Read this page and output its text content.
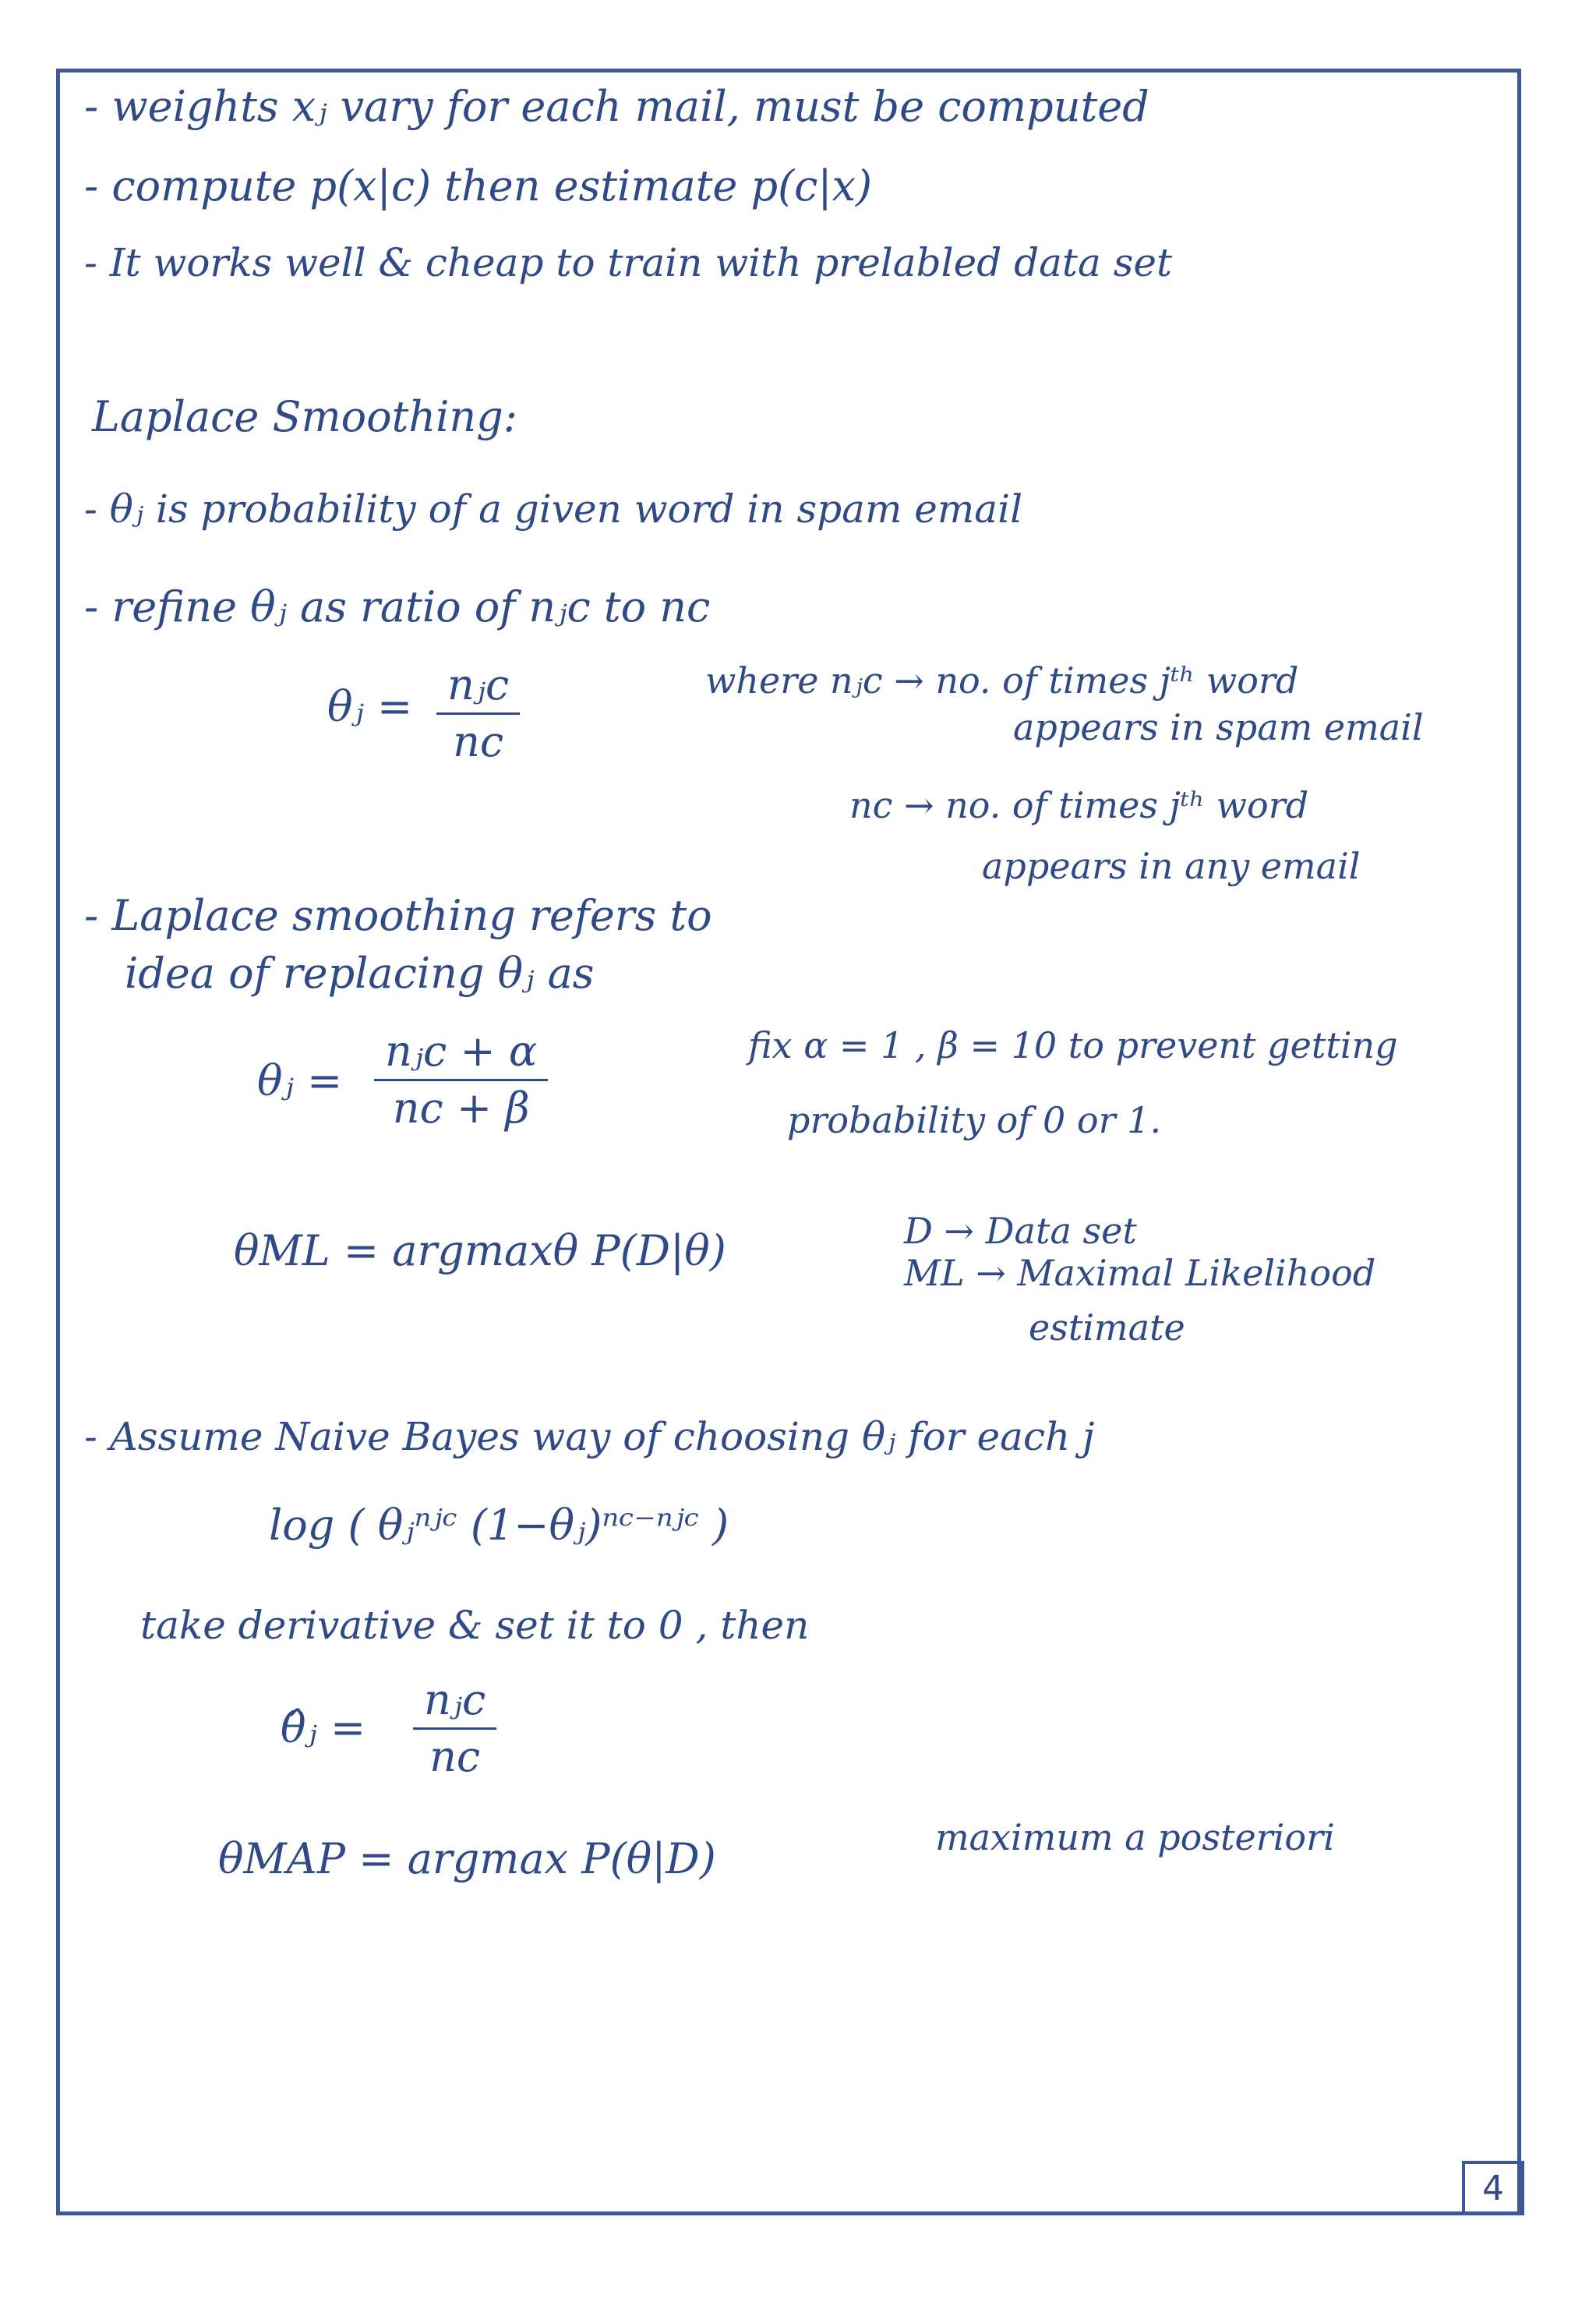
- weights xⱼ vary for each mail, must be computed
- compute p(x|c) then estimate p(c|x)
- It works well & cheap to train with prelabled data set
Laplace Smoothing:
- θⱼ is probability of a given word in spam email
- refine θⱼ as ratio of nⱼc to nc
θⱼ = nⱼc
nc
where nⱼc → no. of times jᵗʰ word
appears in spam email
nc → no. of times jᵗʰ word
appears in any email
- Laplace smoothing refers to
idea of replacing θⱼ as
θⱼ =
nⱼc + α
nc + β
fix α = 1 , β = 10 to prevent getting
probability of 0 or 1.
θML = argmaxθ P(D|θ)	D → Data set
ML → Maximal Likelihood
estimate
- Assume Naive Bayes way of choosing θⱼ for each j
log ( θⱼⁿʲᶜ (1−θⱼ)ⁿᶜ⁻ⁿʲᶜ )
take derivative & set it to 0 , then
θ̂ⱼ =
nⱼc
nc
θMAP = argmax P(θ|D)	maximum a posteriori
4
